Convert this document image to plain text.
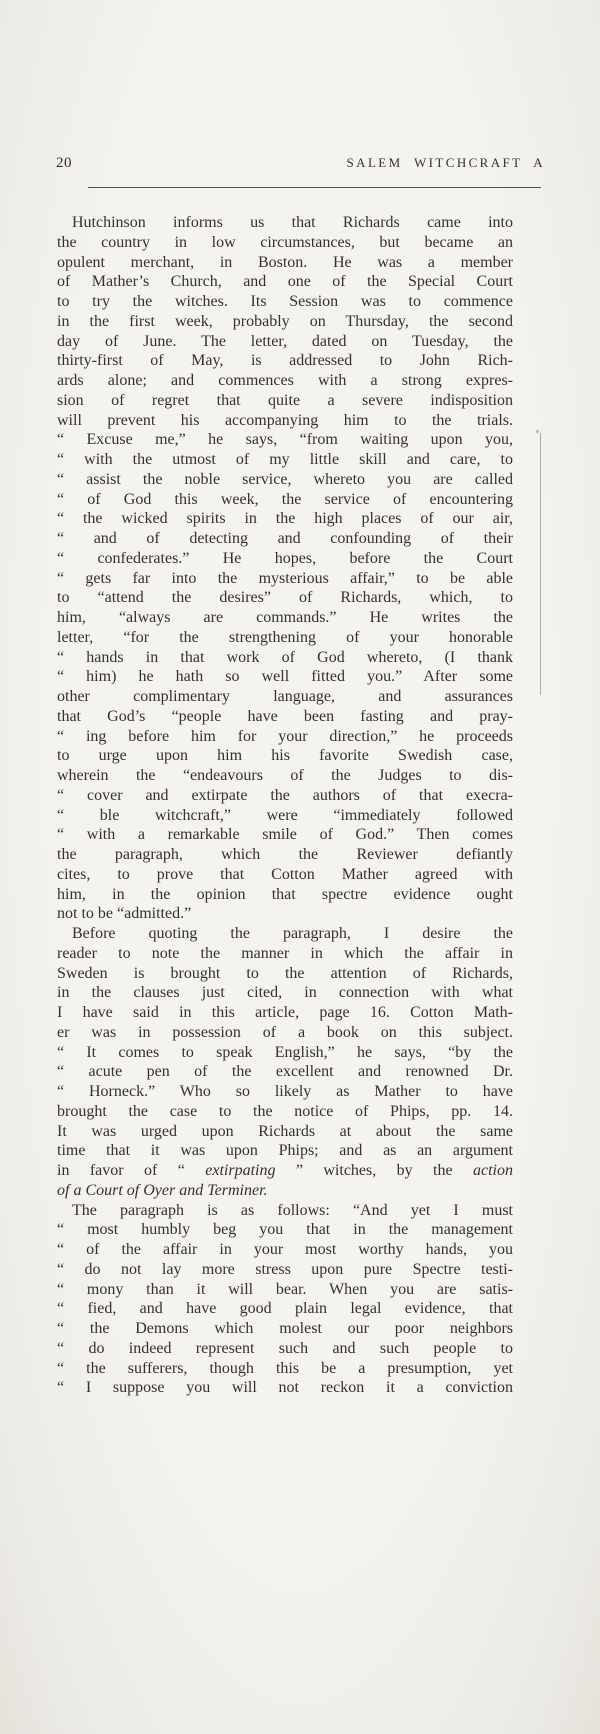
20	SALEM WITCHCRAFT A
Hutchinson informs us that Richards came into
the country in low circumstances, but became an
opulent merchant, in Boston. He was a member
of Mather’s Church, and one of the Special Court
to try the witches. Its Session was to commence
in the first week, probably on Thursday, the second
day of June. The letter, dated on Tuesday, the
thirty-first of May, is addressed to John Rich-
ards alone; and commences with a strong expres-
sion of regret that quite a severe indisposition
will prevent his accompanying him to the trials.
“ Excuse me,” he says, “from waiting upon you,
“ with the utmost of my little skill and care, to
“ assist the noble service, whereto you are called
“ of God this week, the service of encountering
“ the wicked spirits in the high places of our air,
“ and of detecting and confounding of their
“ confederates.” He hopes, before the Court
“ gets far into the mysterious affair,” to be able
to “attend the desires” of Richards, which, to
him, “always are commands.” He writes the
letter, “for the strengthening of your honorable
“ hands in that work of God whereto, (I thank
“ him) he hath so well fitted you.” After some
other complimentary language, and assurances
that God’s “people have been fasting and pray-
“ ing before him for your direction,” he proceeds
to urge upon him his favorite Swedish case,
wherein the “endeavours of the Judges to dis-
“ cover and extirpate the authors of that execra-
“ ble witchcraft,” were “immediately followed
“ with a remarkable smile of God.” Then comes
the paragraph, which the Reviewer defiantly
cites, to prove that Cotton Mather agreed with
him, in the opinion that spectre evidence ought
not to be “admitted.”
Before quoting the paragraph, I desire the
reader to note the manner in which the affair in
Sweden is brought to the attention of Richards,
in the clauses just cited, in connection with what
I have said in this article, page 16. Cotton Math-
er was in possession of a book on this subject.
“ It comes to speak English,” he says, “by the
“ acute pen of the excellent and renowned Dr.
“ Horneck.” Who so likely as Mather to have
brought the case to the notice of Phips, pp. 14.
It was urged upon Richards at about the same
time that it was upon Phips; and as an argument
in favor of “ extirpating ” witches, by the action
of a Court of Oyer and Terminer.
The paragraph is as follows: “And yet I must
“ most humbly beg you that in the management
“ of the affair in your most worthy hands, you
“ do not lay more stress upon pure Spectre testi-
“ mony than it will bear. When you are satis-
“ fied, and have good plain legal evidence, that
“ the Demons which molest our poor neighbors
“ do indeed represent such and such people to
“ the sufferers, though this be a presumption, yet
“ I suppose you will not reckon it a conviction
